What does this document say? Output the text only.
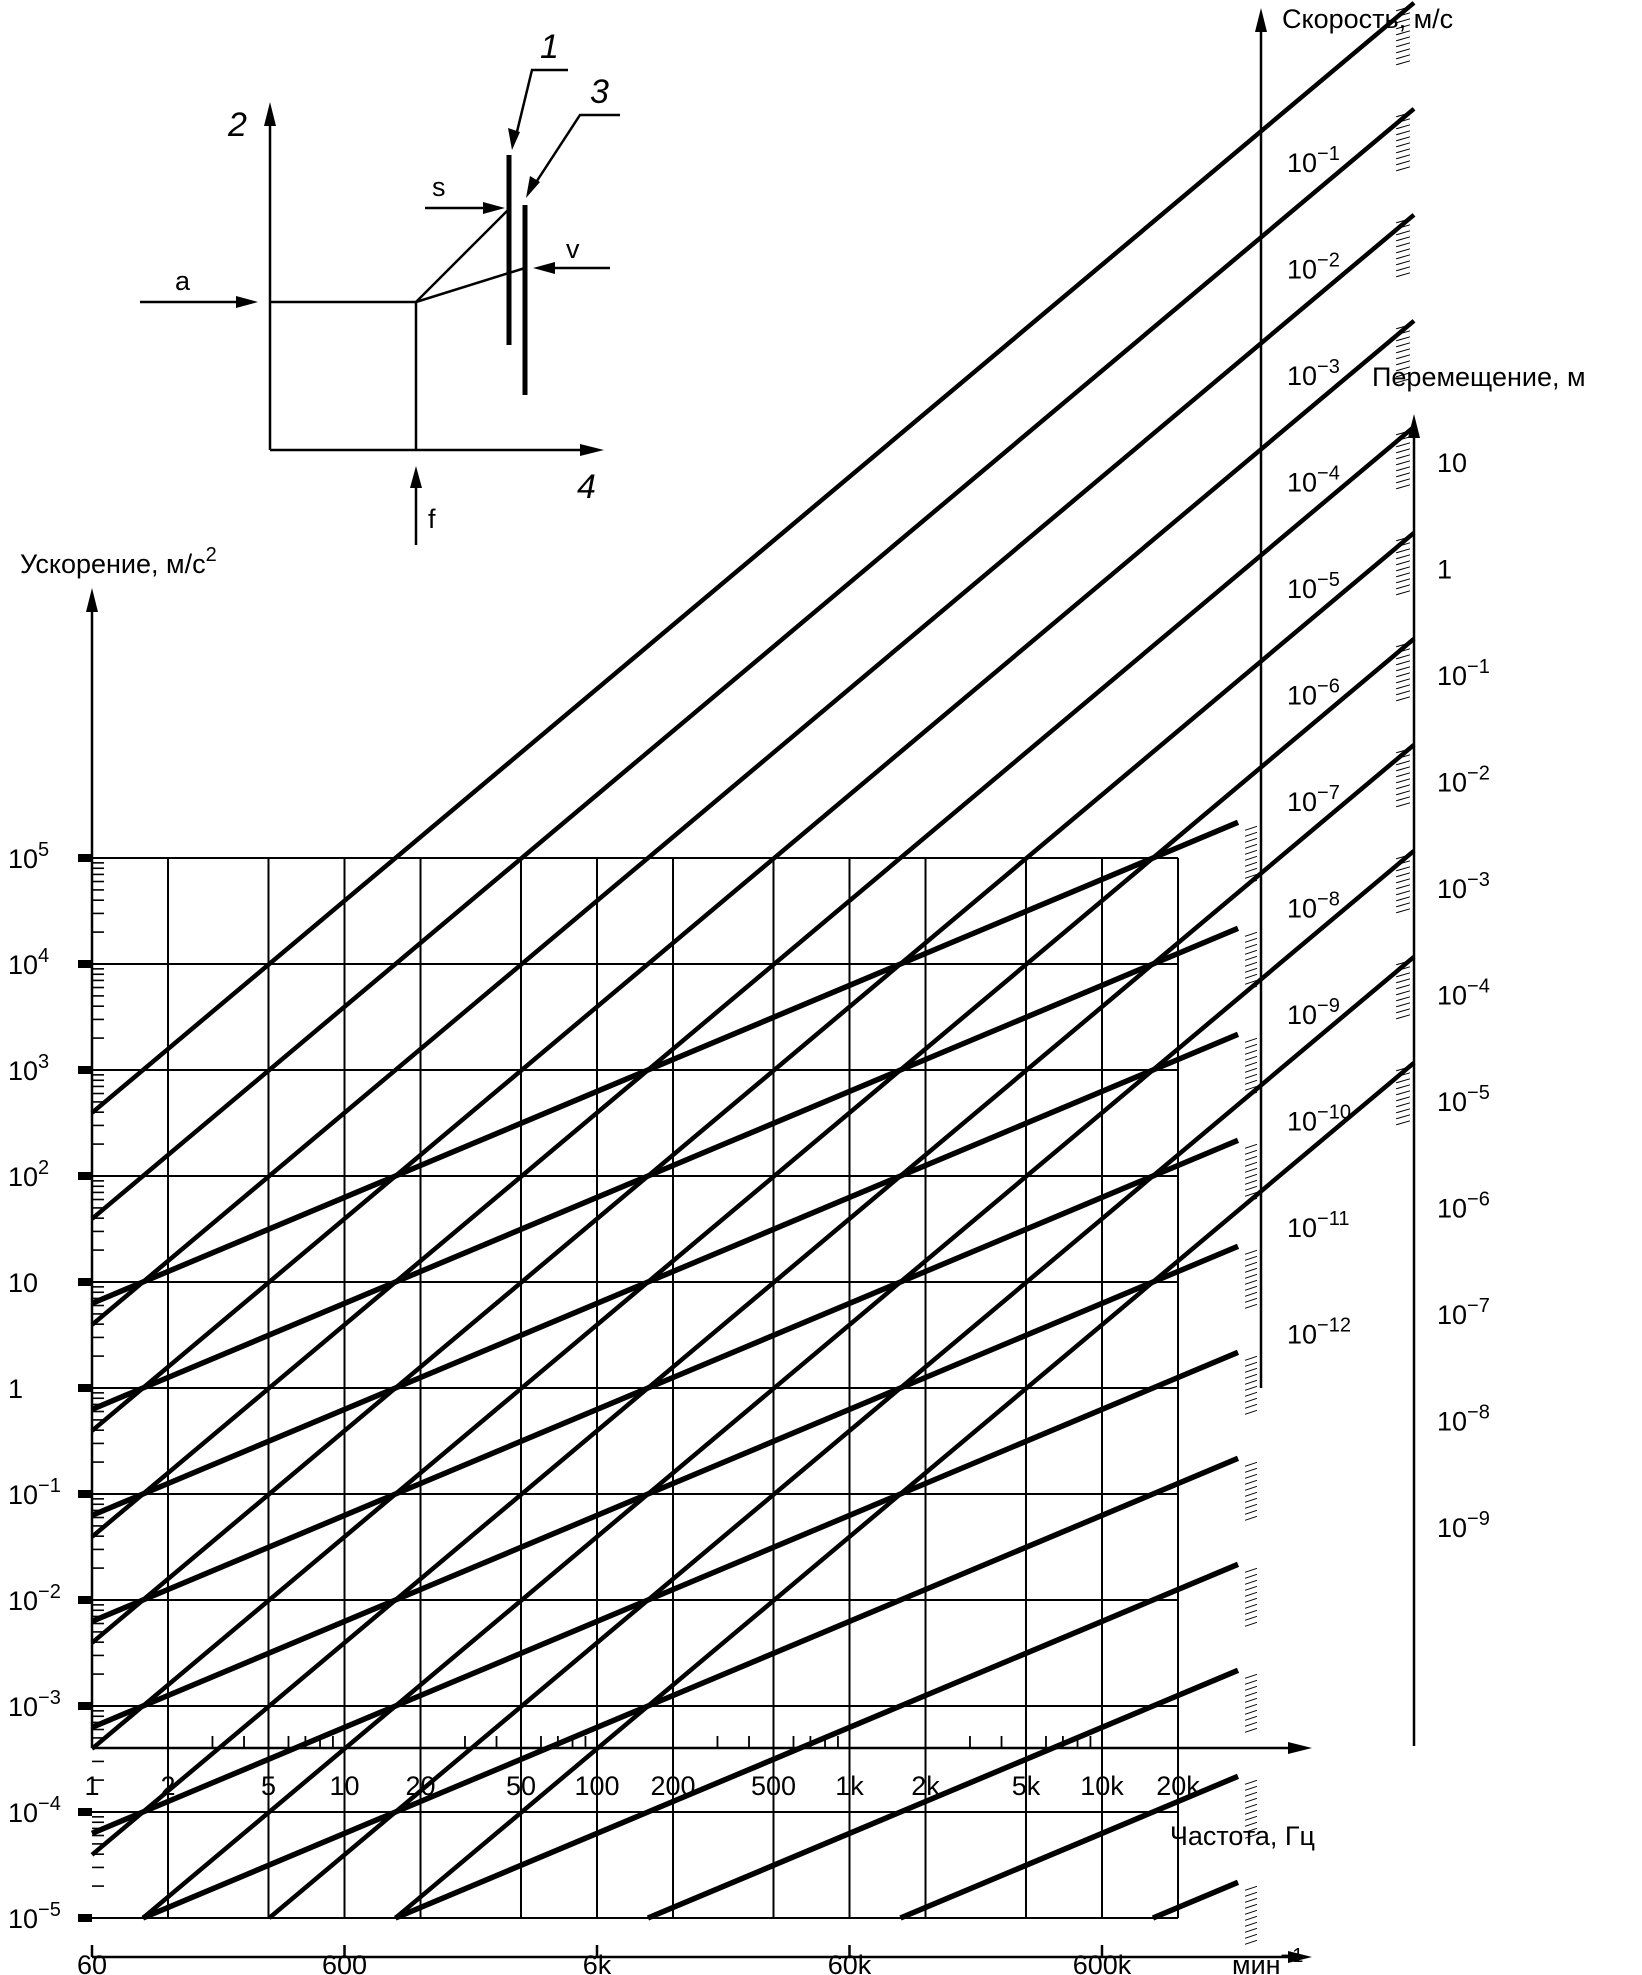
Ускорение, $м/с^2$
$10^5$
$10^4$
$10^3$
$10^2$
10
1
$10^{-1}$
$10^{-2}$
$10^{-3}$
$10^{-4}$
$10^{-5}$
Частота, Гц
1 2	5 10 20	50 100 200 500 1k 2k	5k 10k 20k
мин$^{-1}$
60	600	6k	60k	600k
Скорость, м/с
$10^{-1}$
$10^{-2}$
$10^{-3}$
$10^{-4}$
$10^{-5}$
$10^{-6}$
$10^{-7}$
$10^{-8}$
$10^{-9}$
$10^{-10}$
$10^{-11}$
$10^{-12}$
Перемещение, м
10
1
$10^{-1}$
$10^{-2}$
$10^{-3}$
$10^{-4}$
$10^{-5}$
$10^{-6}$
$10^{-7}$
$10^{-8}$
$10^{-9}$
1
2
3
4
a
s
v
f
